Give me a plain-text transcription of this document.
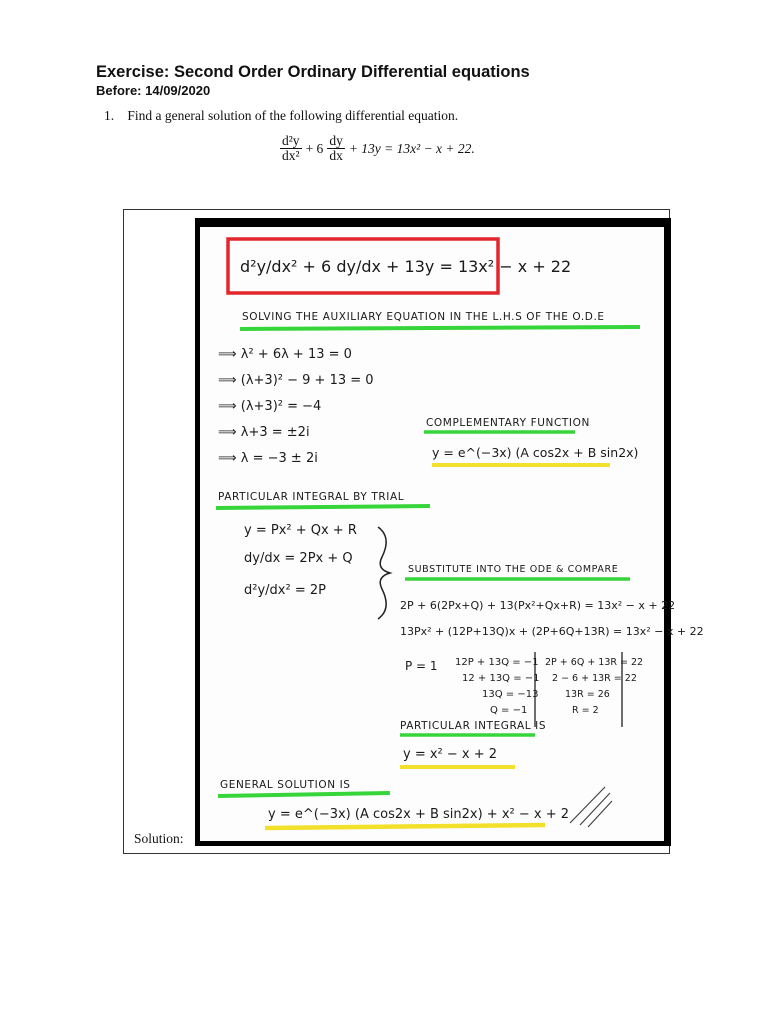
Exercise: Second Order Ordinary Differential equations
Before: 14/09/2020
1. Find a general solution of the following differential equation.
$\frac{\text{d²y}}{\text{dx²}} + 6 \frac{dy}{dx} + 13y = 13x^2 - x + 22$.
Solution:
d²y/dx² + 6 dy/dx + 13y = 13x² − x + 22
SOLVING THE AUXILIARY EQUATION IN THE L.H.S OF THE O.D.E
⟹ λ² + 6λ + 13 = 0
⟹ (λ+3)² − 9 + 13 = 0
⟹ (λ+3)² = −4
⟹ λ+3 = ±2i
⟹ λ = −3 ± 2i
COMPLEMENTARY FUNCTION
y = e^(−3x) (A cos2x + B sin2x)
PARTICULAR INTEGRAL BY TRIAL
y = Px² + Qx + R
dy/dx = 2Px + Q
d²y/dx² = 2P
SUBSTITUTE INTO THE ODE & COMPARE
2P + 6(2Px+Q) + 13(Px²+Qx+R) = 13x² − x + 22
13Px² + (12P+13Q)x + (2P+6Q+13R) = 13x² − x + 22
P = 1 12P + 13Q = −1
12 + 13Q = −1
13Q = −13
Q = −1
2P + 6Q + 13R = 22
2 − 6 + 13R = 22
13R = 26
R = 2
PARTICULAR INTEGRAL IS
y = x² − x + 2
GENERAL SOLUTION IS
y = e^(−3x) (A cos2x + B sin2x) + x² − x + 2
